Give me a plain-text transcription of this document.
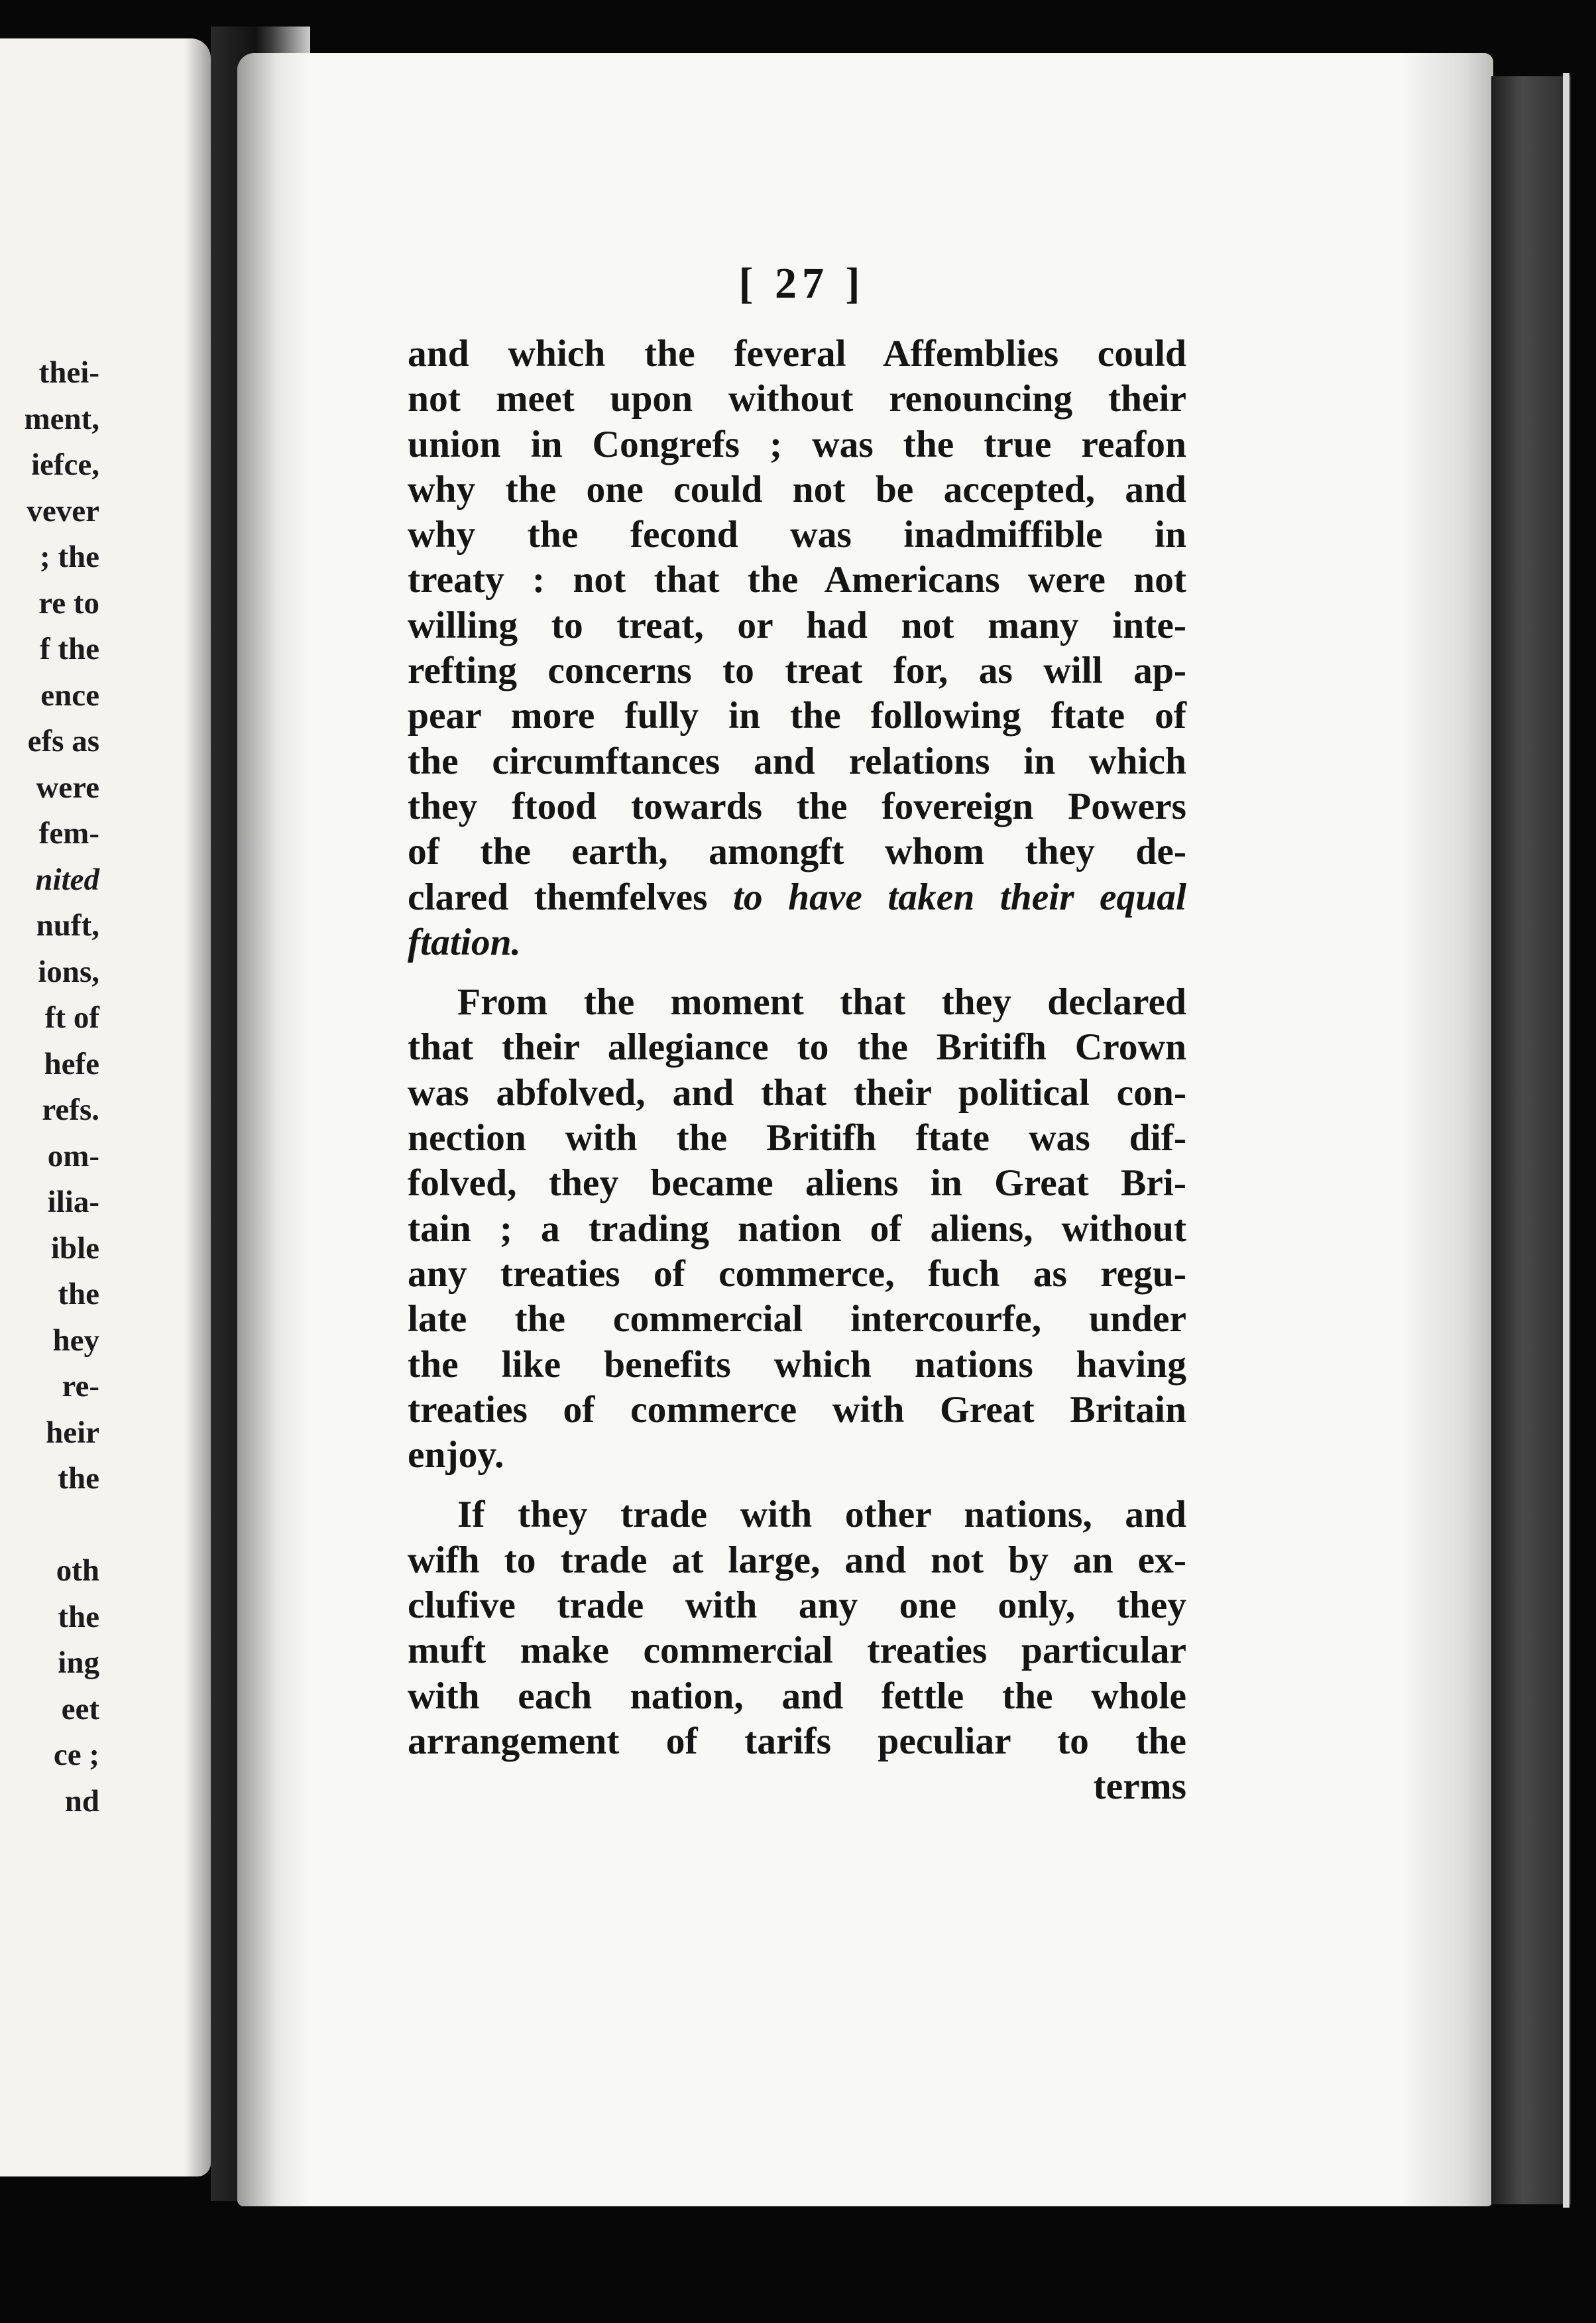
thei-
ment,
iefce,
vever
; the
re to
f the
ence
efs as
were
fem-
nited
nuft,
ions,
ft of
hefe
refs.
om-
ilia-
ible
the
hey
re-
heir
the
oth
the
ing
eet
ce ;
nd
[ 27 ]
and which the feveral Affemblies could
not meet upon without renouncing their
union in Congrefs ; was the true reafon
why the one could not be accepted, and
why the fecond was inadmiffible in
treaty : not that the Americans were not
willing to treat, or had not many inte-
refting concerns to treat for, as will ap-
pear more fully in the following ftate of
the circumftances and relations in which
they ftood towards the fovereign Powers
of the earth, amongft whom they de-
clared themfelves to have taken their equal
ftation.
From the moment that they declared
that their allegiance to the Britifh Crown
was abfolved, and that their political con-
nection with the Britifh ftate was dif-
folved, they became aliens in Great Bri-
tain ; a trading nation of aliens, without
any treaties of commerce, fuch as regu-
late the commercial intercourfe, under
the like benefits which nations having
treaties of commerce with Great Britain
enjoy.
If they trade with other nations, and
wifh to trade at large, and not by an ex-
clufive trade with any one only, they
muft make commercial treaties particular
with each nation, and fettle the whole
arrangement of tarifs peculiar to the
terms
